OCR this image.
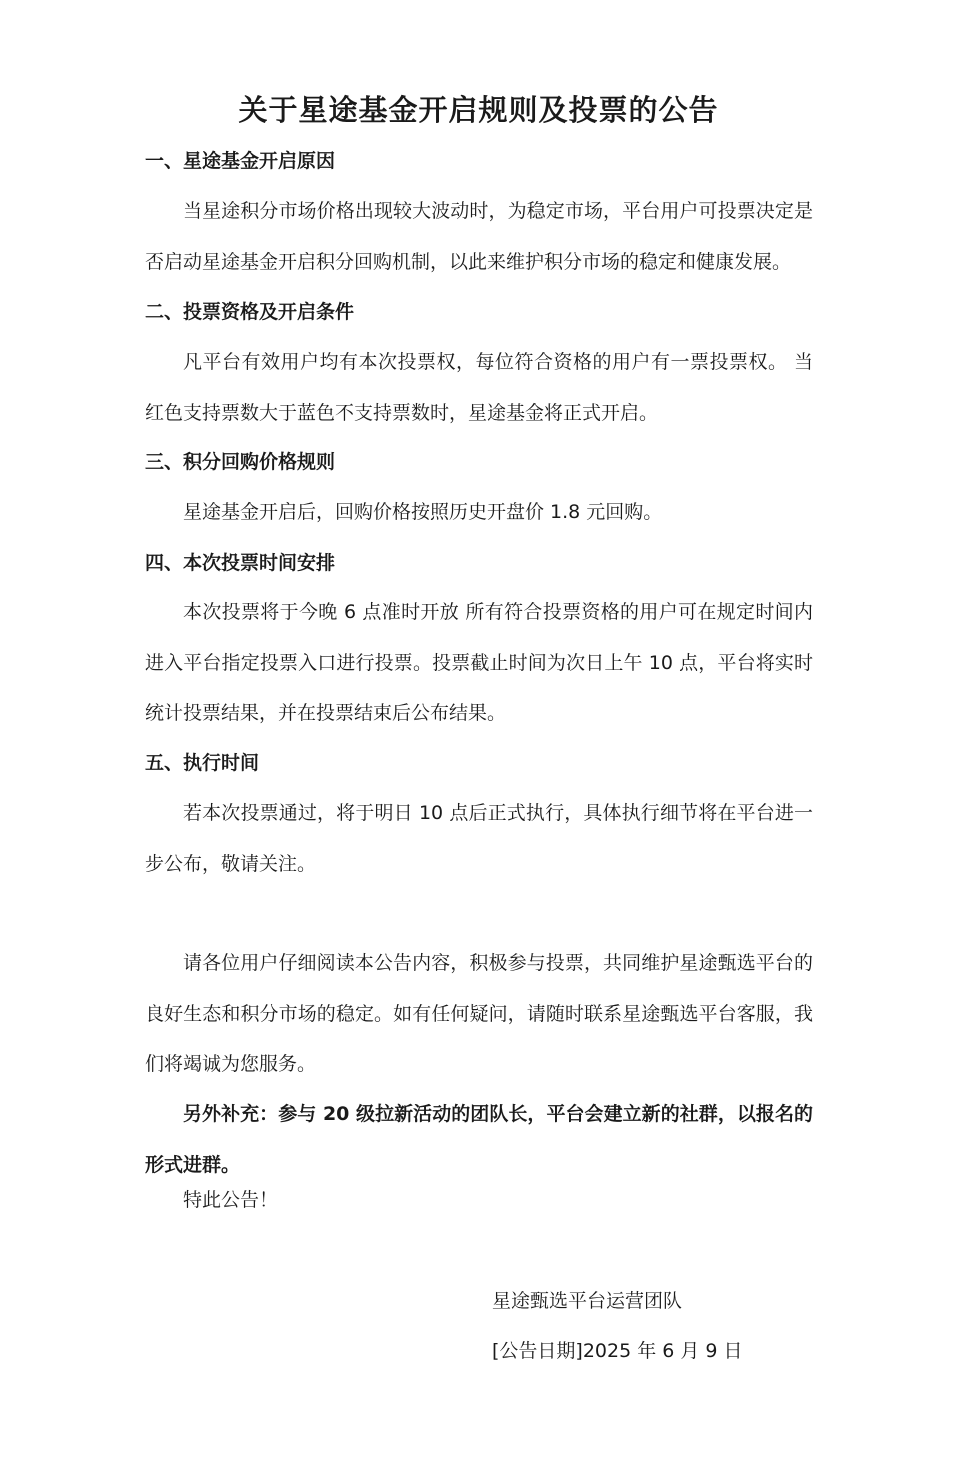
关于星途基金开启规则及投票的公告
一、星途基金开启原因
当星途积分市场价格出现较大波动时，为稳定市场，平台用户可投票决定是否启动星途基金开启积分回购机制，以此来维护积分市场的稳定和健康发展。
二、投票资格及开启条件
凡平台有效用户均有本次投票权，每位符合资格的用户有一票投票权。 当红色支持票数大于蓝色不支持票数时，星途基金将正式开启。
三、积分回购价格规则
星途基金开启后，回购价格按照历史开盘价 1.8 元回购。
四、本次投票时间安排
本次投票将于今晚 6 点准时开放 所有符合投票资格的用户可在规定时间内进入平台指定投票入口进行投票。投票截止时间为次日上午 10 点，平台将实时统计投票结果，并在投票结束后公布结果。
五、执行时间
若本次投票通过，将于明日 10 点后正式执行，具体执行细节将在平台进一步公布，敬请关注。
请各位用户仔细阅读本公告内容，积极参与投票，共同维护星途甄选平台的良好生态和积分市场的稳定。如有任何疑问，请随时联系星途甄选平台客服，我们将竭诚为您服务。
另外补充：参与 20 级拉新活动的团队长，平台会建立新的社群，以报名的形式进群。
特此公告！
星途甄选平台运营团队
[公告日期]2025 年 6 月 9 日
